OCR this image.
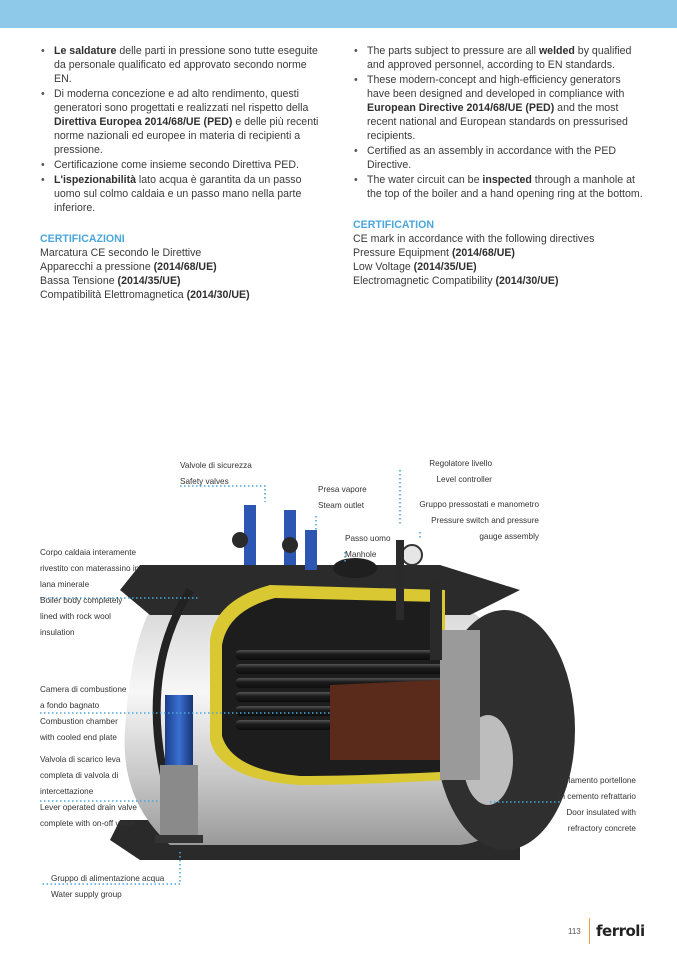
• Le saldature delle parti in pressione sono tutte eseguite da personale qualificato ed approvato secondo norme EN.
• Di moderna concezione e ad alto rendimento, questi generatori sono progettati e realizzati nel rispetto della Direttiva Europea 2014/68/UE (PED) e delle più recenti norme nazionali ed europee in materia di recipienti a pressione.
• Certificazione come insieme secondo Direttiva PED.
• L'ispezionabilità lato acqua è garantita da un passo uomo sul colmo caldaia e un passo mano nella parte inferiore.
CERTIFICAZIONI
Marcatura CE secondo le Direttive
Apparecchi a pressione (2014/68/UE)
Bassa Tensione (2014/35/UE)
Compatibilità Elettromagnetica (2014/30/UE)
• The parts subject to pressure are all welded by qualified and approved personnel, according to EN standards.
• These modern-concept and high-efficiency generators have been designed and developed in compliance with European Directive 2014/68/UE (PED) and the most recent national and European standards on pressurised recipients.
• Certified as an assembly in accordance with the PED Directive.
• The water circuit can be inspected through a manhole at the top of the boiler and a hand opening ring at the bottom.
CERTIFICATION
CE mark in accordance with the following directives
Pressure Equipment (2014/68/UE)
Low Voltage (2014/35/UE)
Electromagnetic Compatibility (2014/30/UE)
Valvole di sicurezza
Safety valves
Presa vapore
Steam outlet
Passo uomo
Manhole
Regolatore livello
Level controller
Gruppo pressostati e manometro
Pressure switch and pressure
gauge assembly
Corpo caldaia interamente
rivestito con materassino in
lana minerale
Boiler body completely
lined with rock wool
insulation
Camera di combustione
a fondo bagnato
Combustion chamber
with cooled end plate
Valvola di scarico leva
completa di valvola di
intercettazione
Lever operated drain valve
complete with on-off valve
Isolamento portellone
in cemento refrattario
Door insulated with
refractory concrete
Gruppo di alimentazione acqua
Water supply group
113 ferroli
